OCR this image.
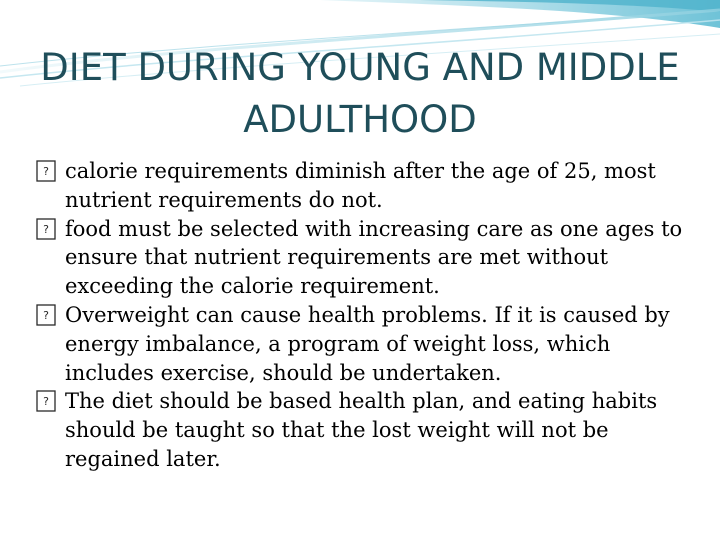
DIET DURING YOUNG AND MIDDLE
ADULTHOOD
? calorie requirements diminish after the age of 25, most nutrient requirements do not.
? food must be selected with increasing care as one ages to ensure that nutrient requirements are met without exceeding the calorie requirement.
? Overweight can cause health problems. If it is caused by energy imbalance, a program of weight loss, which includes exercise, should be undertaken.
? The diet should be based health plan, and eating habits should be taught so that the lost weight will not be regained later.
